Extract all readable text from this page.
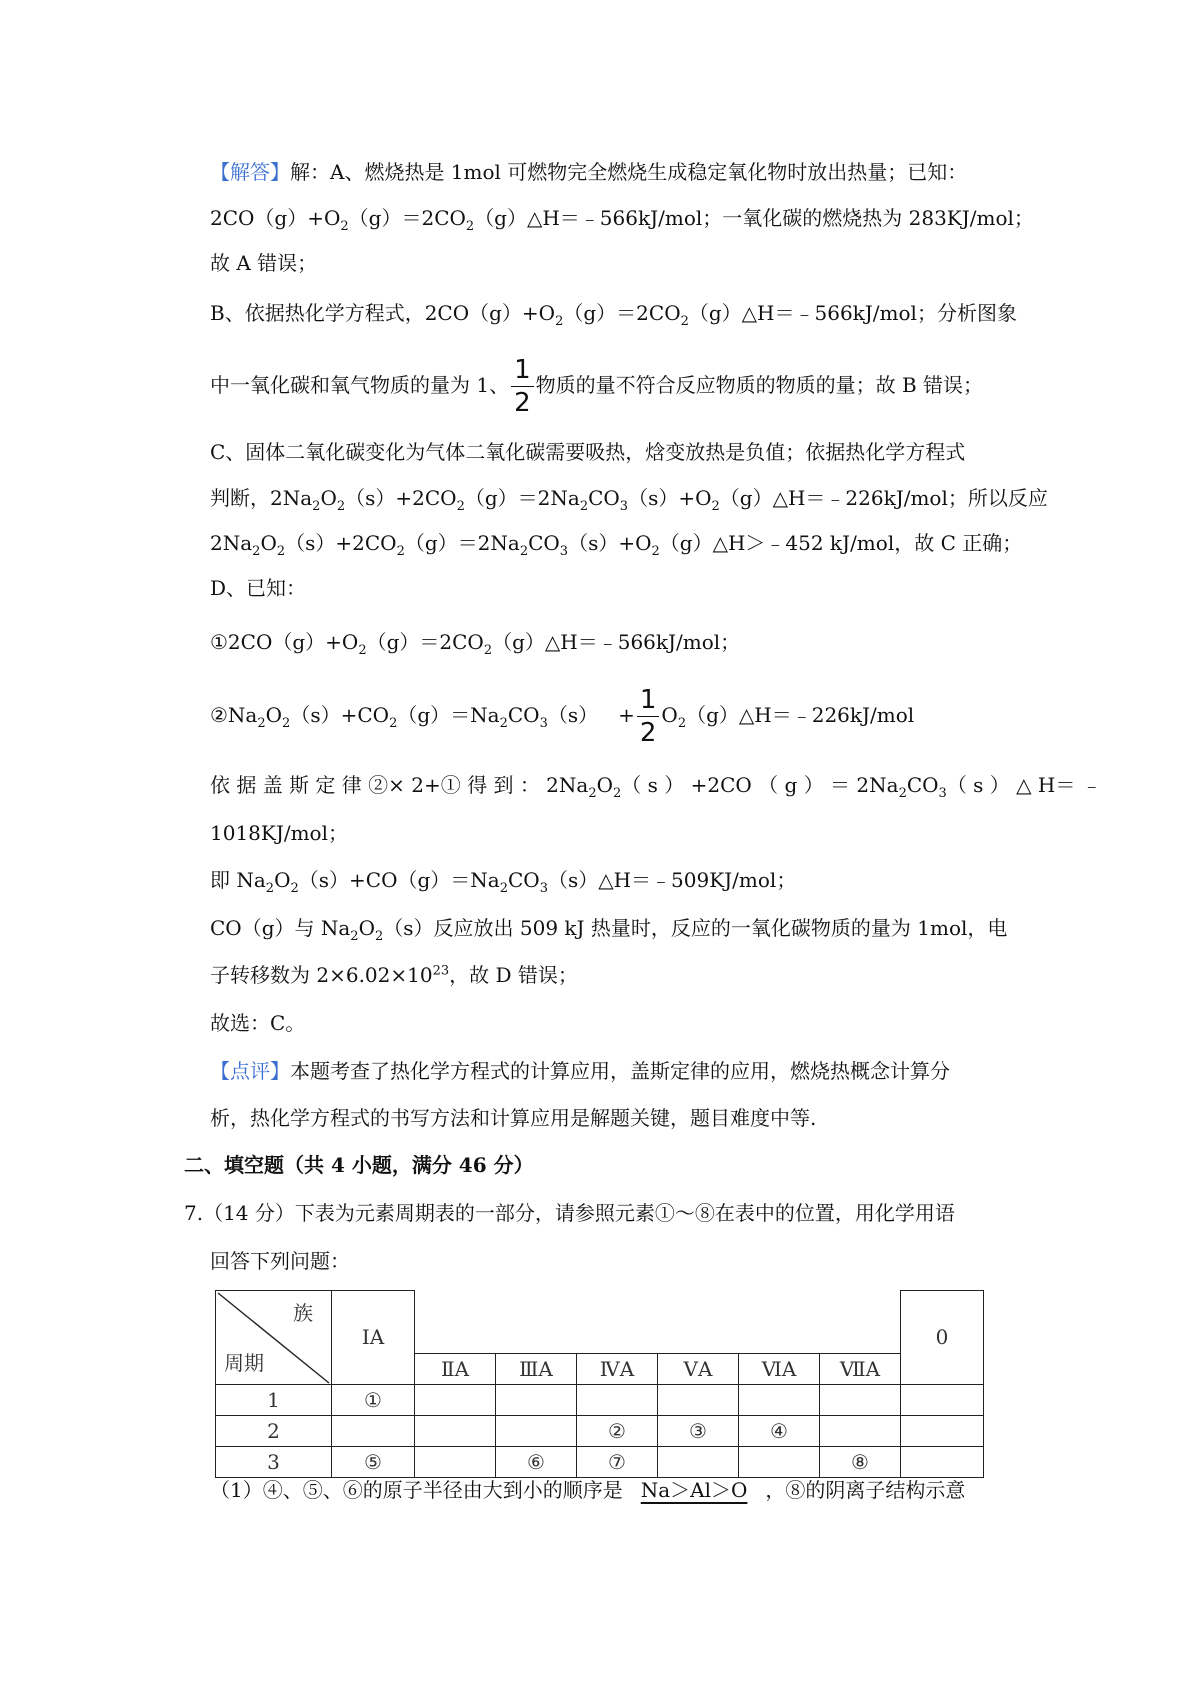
【解答】解：A、燃烧热是 1mol 可燃物完全燃烧生成稳定氧化物时放出热量；已知：
$2CO(g)+O_2(g)=2CO_2(g)\triangle H=﹣566kJ$/mol；一氧化碳的燃烧热为 283KJ/mol；
故 A 错误；
B、依据热化学方程式，$2CO(g)+O_2(g)=2CO_2(g)\triangle H=﹣566kJ$/mol；分析图象
中一氧化碳和氧气物质的量为 1、 $\frac{1}{2}$ 物质的量不符合反应物质的物质的量；故 B 错误；
C、固体二氧化碳变化为气体二氧化碳需要吸热，焓变放热是负值；依据热化学方程式
判断，$2Na_2O_2(s)+2CO_2(g)=2Na_2CO_3(s)+O_2(g)\triangle H=﹣226kJ$/mol；所以反应
$2Na_2O_2(s)+2CO_2(g)=2Na_2CO_3(s)+O_2(g)\triangle H>﹣452$ kJ/mol，故 C 正确；
D、已知：
$①2CO(g)+O_2(g)=2CO_2(g)\triangle H=﹣566kJ$/mol；
$②Na_2O_2(s)+CO_2(g)=Na_2CO_3(s) + \frac{1}{2}$ $O_2(g)\triangle H=﹣226kJ$/mol
依 据 盖 斯 定 律 ②× 2+① 得 到 ： $2Na_2O_2$（ s ） +2CO （ g ） ＝ $2Na_2CO_3$（ s ） △ H＝ ﹣
1018KJ/mol；
即 $Na_2O_2(s)+CO(g)=Na_2CO_3(s)\triangle H=﹣509KJ$/mol；
CO（g）与 $Na_2O_2(s)$反应放出 509 kJ 热量时，反应的一氧化碳物质的量为 1mol，电
子转移数为 $2\times 6.02\times 10^{23}$，故 D 错误；
故选：C。
【点评】本题考查了热化学方程式的计算应用，盖斯定律的应用，燃烧热概念计算分
析，热化学方程式的书写方法和计算应用是解题关键，题目难度中等.
二、填空题（共 4 小题，满分 46 分）
7.（14 分）下表为元素周期表的一部分，请参照元素①～⑧在表中的位置，用化学用语
回答下列问题：
族
周期	ⅠA							0
		ⅡA	ⅢA	ⅣA	ⅤA	ⅥA	ⅦA	
1	①							
2				②	③	④		
3	⑤		⑥	⑦			⑧	
（1）④、⑤、⑥的原子半径由大到小的顺序是 Na＞Al＞O ，⑧的阴离子结构示意
